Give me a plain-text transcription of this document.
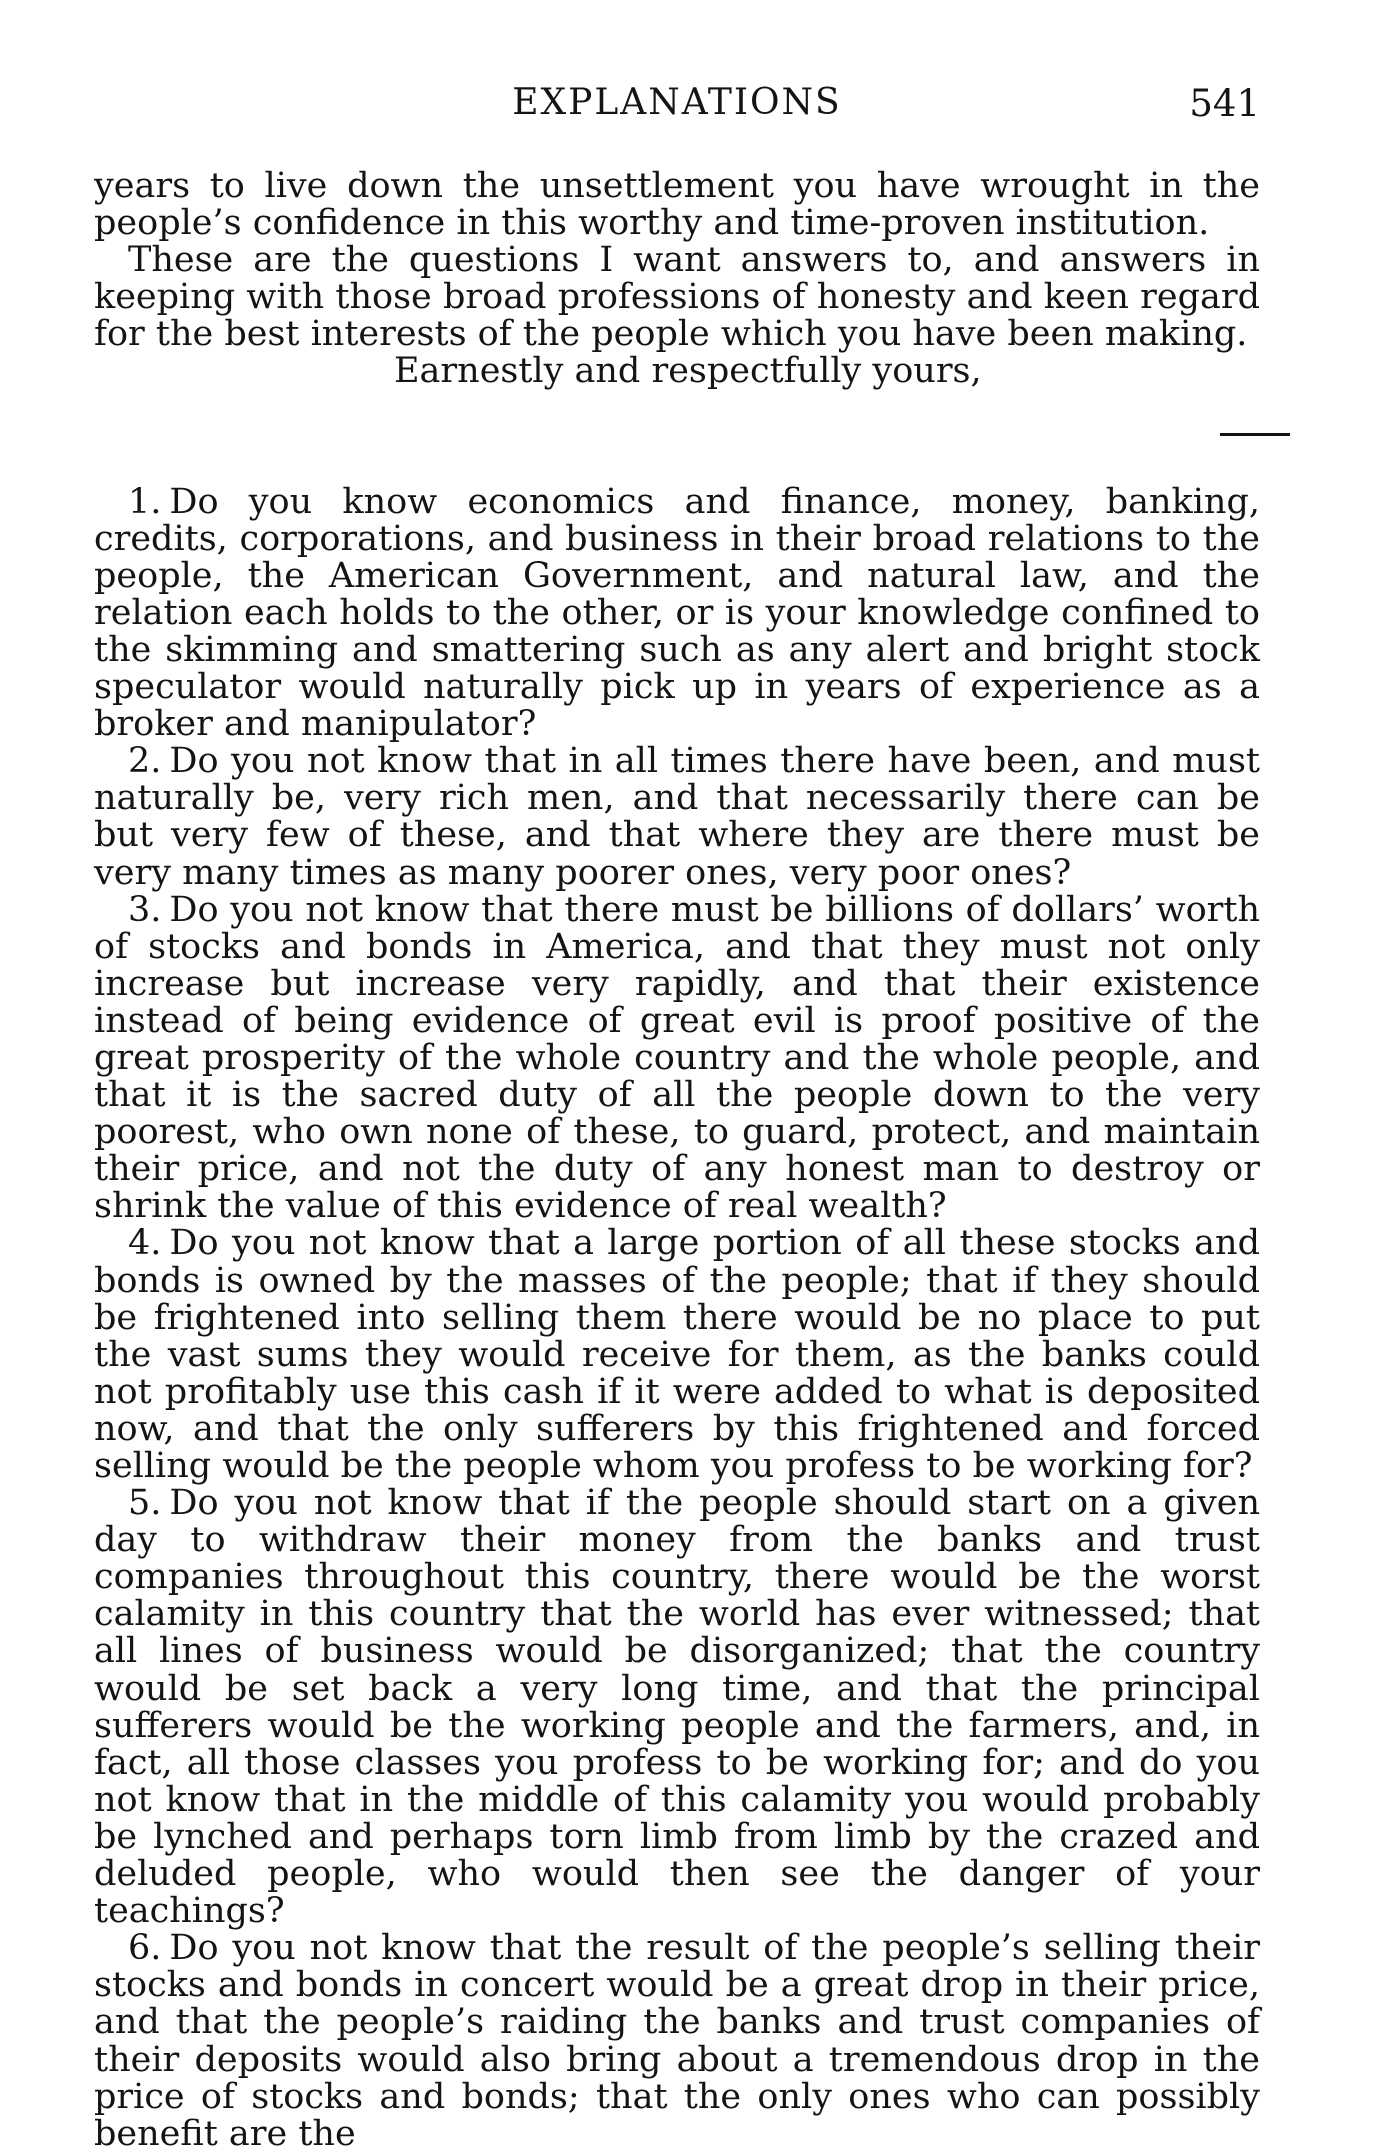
EXPLANATIONS	541

years to live down the unsettlement you have wrought in the people’s confidence in this worthy and time-proven institution.

These are the questions I want answers to, and answers in keeping with those broad professions of honesty and keen regard for the best interests of the people which you have been making.

Earnestly and respectfully yours,

1. Do you know economics and finance, money, banking, credits, corporations, and business in their broad relations to the people, the American Government, and natural law, and the relation each holds to the other, or is your knowledge confined to the skimming and smattering such as any alert and bright stock speculator would naturally pick up in years of experience as a broker and manipulator?

2. Do you not know that in all times there have been, and must naturally be, very rich men, and that necessarily there can be but very few of these, and that where they are there must be very many times as many poorer ones, very poor ones?

3. Do you not know that there must be billions of dollars’ worth of stocks and bonds in America, and that they must not only increase but increase very rapidly, and that their existence instead of being evidence of great evil is proof positive of the great prosperity of the whole country and the whole people, and that it is the sacred duty of all the people down to the very poorest, who own none of these, to guard, protect, and maintain their price, and not the duty of any honest man to destroy or shrink the value of this evidence of real wealth?

4. Do you not know that a large portion of all these stocks and bonds is owned by the masses of the people; that if they should be frightened into selling them there would be no place to put the vast sums they would receive for them, as the banks could not profitably use this cash if it were added to what is deposited now, and that the only sufferers by this frightened and forced selling would be the people whom you profess to be working for?

5. Do you not know that if the people should start on a given day to withdraw their money from the banks and trust companies throughout this country, there would be the worst calamity in this country that the world has ever witnessed; that all lines of business would be disorganized; that the country would be set back a very long time, and that the principal sufferers would be the working people and the farmers, and, in fact, all those classes you profess to be working for; and do you not know that in the middle of this calamity you would probably be lynched and perhaps torn limb from limb by the crazed and deluded people, who would then see the danger of your teachings?

6. Do you not know that the result of the people’s selling their stocks and bonds in concert would be a great drop in their price, and that the people’s raiding the banks and trust companies of their deposits would also bring about a tremendous drop in the price of stocks and bonds; that the only ones who can possibly benefit are the
